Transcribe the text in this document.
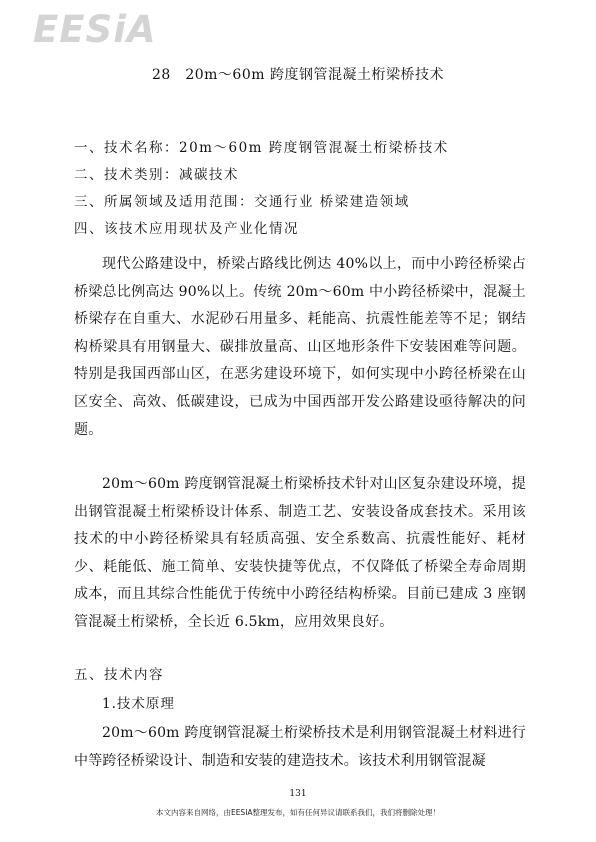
EESiA
28　20m～60m 跨度钢管混凝土桁梁桥技术
一、技术名称：20m～60m 跨度钢管混凝土桁梁桥技术
二、技术类别：减碳技术
三、所属领域及适用范围：交通行业 桥梁建造领域
四、该技术应用现状及产业化情况

现代公路建设中，桥梁占路线比例达 40%以上，而中小跨径桥梁占桥梁总比例高达 90%以上。传统 20m～60m 中小跨径桥梁中，混凝土桥梁存在自重大、水泥砂石用量多、耗能高、抗震性能差等不足；钢结构桥梁具有用钢量大、碳排放量高、山区地形条件下安装困难等问题。特别是我国西部山区，在恶劣建设环境下，如何实现中小跨径桥梁在山区安全、高效、低碳建设，已成为中国西部开发公路建设亟待解决的问题。

20m～60m 跨度钢管混凝土桁梁桥技术针对山区复杂建设环境，提出钢管混凝土桁梁桥设计体系、制造工艺、安装设备成套技术。采用该技术的中小跨径桥梁具有轻质高强、安全系数高、抗震性能好、耗材少、耗能低、施工简单、安装快捷等优点，不仅降低了桥梁全寿命周期成本，而且其综合性能优于传统中小跨径结构桥梁。目前已建成 3 座钢管混凝土桁梁桥，全长近 6.5km，应用效果良好。

五、技术内容
1.技术原理

20m～60m 跨度钢管混凝土桁梁桥技术是利用钢管混凝土材料进行中等跨径桥梁设计、制造和安装的建造技术。该技术利用钢管混凝

131
本文内容来自网络，由EESIA整理发布，如有任何异议请联系我们，我们将删除处理！
